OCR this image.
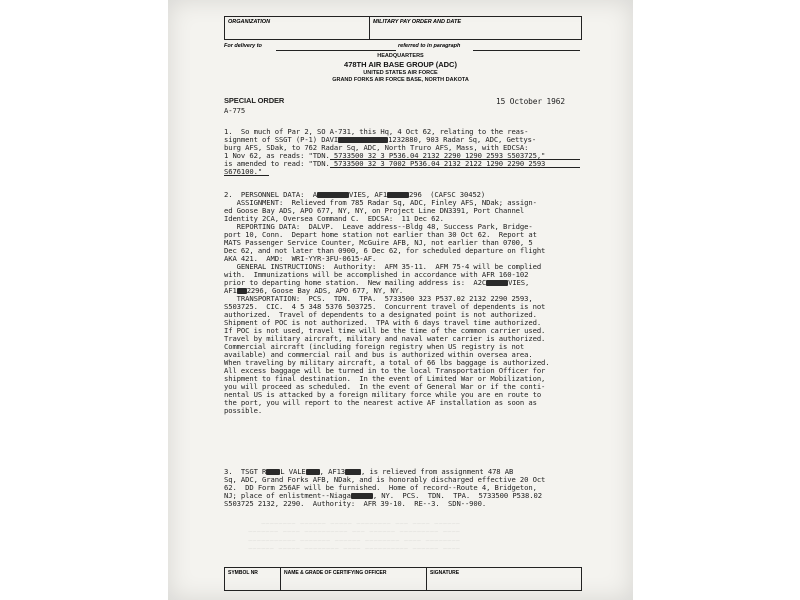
ORGANIZATION	MILITARY PAY ORDER AND DATE
For delivery to	referred to in paragraph
HEADQUARTERS
478TH AIR BASE GROUP (ADC)
UNITED STATES AIR FORCE
GRAND FORKS AIR FORCE BASE, NORTH DAKOTA
SPECIAL ORDER
A-775
15 October 1962
1.  So much of Par 2, SO A-731, this Hq, 4 Oct 62, relating to the reas-
signment of SSGT (P-1) DAVI	1232880, 903 Radar Sq, ADC, Gettys-
burg AFS, SDak, to 762 Radar Sq, ADC, North Truro AFS, Mass, with EDCSA:
1 Nov 62, as reads: "TDN. 5733500 32 3 P536.04 2132 2290 1290 2593 S503725,"
is amended to read: "TDN. 5733500 32 3 7002 P536.04 2132 2122 1290 2290 2593
S676100."
2.  PERSONNEL DATA:  A	VIES, AF1	296  (CAFSC 30452)
ASSIGNMENT:  Relieved from 785 Radar Sq, ADC, Finley AFS, NDak; assign-
ed Goose Bay ADS, APO 677, NY, NY, on Project Line DN3391, Port Channel
Identity 2CA, Oversea Command C.  EDCSA:  11 Dec 62.
REPORTING DATA:  DALVP.  Leave address--Bldg 48, Success Park, Bridge-
port 10, Conn.  Depart home station not earlier than 30 Oct 62.  Report at
MATS Passenger Service Counter, McGuire AFB, NJ, not earlier than 0700, 5
Dec 62, and not later than 0900, 6 Dec 62, for scheduled departure on flight
AKA 421.  AMD:  WRI-YYR-3FU-0615-AF.
GENERAL INSTRUCTIONS:  Authority:  AFM 35-11.  AFM 75-4 will be complied
with.  Immunizations will be accomplished in accordance with AFR 160-102
prior to departing home station.  New mailing address is:  A2C	VIES,
AF1 2296, Goose Bay ADS, APO 677, NY, NY.
TRANSPORTATION:  PCS.  TDN.  TPA.  5733500 323 P537.02 2132 2290 2593,
S503725.  CIC.  4 5 348 5376 503725.  Concurrent travel of dependents is not
authorized.  Travel of dependents to a designated point is not authorized.
Shipment of POC is not authorized.  TPA with 6 days travel time authorized.
If POC is not used, travel time will be the time of the common carrier used.
Travel by military aircraft, military and naval water carrier is authorized.
Commercial aircraft (including foreign registry when US registry is not
available) and commercial rail and bus is authorized within oversea area.
When traveling by military aircraft, a total of 66 lbs baggage is authorized.
All excess baggage will be turned in to the local Transportation Officer for
shipment to final destination.  In the event of Limited War or Mobilization,
you will proceed as scheduled.  In the event of General War or if the conti-
nental US is attacked by a foreign military force while you are en route to
the port, you will report to the nearest active AF installation as soon as
possible.
3.  TSGT R L VALE , AF13 , is relieved from assignment 478 AB
Sq, ADC, Grand Forks AFB, NDak, and is honorably discharged effective 20 Oct
62.  DD Form 256AF will be furnished.  Home of record--Route 4, Bridgeton,
NJ; place of enlistment--Niaga	, NY.  PCS.  TDN.  TPA.  5733500 P538.02
S503725 2132, 2290.  Authority:  AFR 39-10.  RE--3.  SDN--900.
~~~~~~ ~~~~ ~~~ ~~~~~~~~ ~~~~~ ~~~~~~ ~~~~~~~~
~~~~ ~~~~~~~~~ ~~~~~~ ~~~ ~~~~~~~~~~ ~~~~ ~~~~~~~
~~~~~~~~ ~~~~ ~~~~~~~~ ~~~~~~ ~~~~~~~ ~~~~~~~~~~~
~~~~ ~~~~~~ ~~~~~~~~~~ ~~~~ ~~~~~~~~ ~~~~~ ~~~~~~
SYMBOL NR	NAME & GRADE OF CERTIFYING OFFICER	SIGNATURE
